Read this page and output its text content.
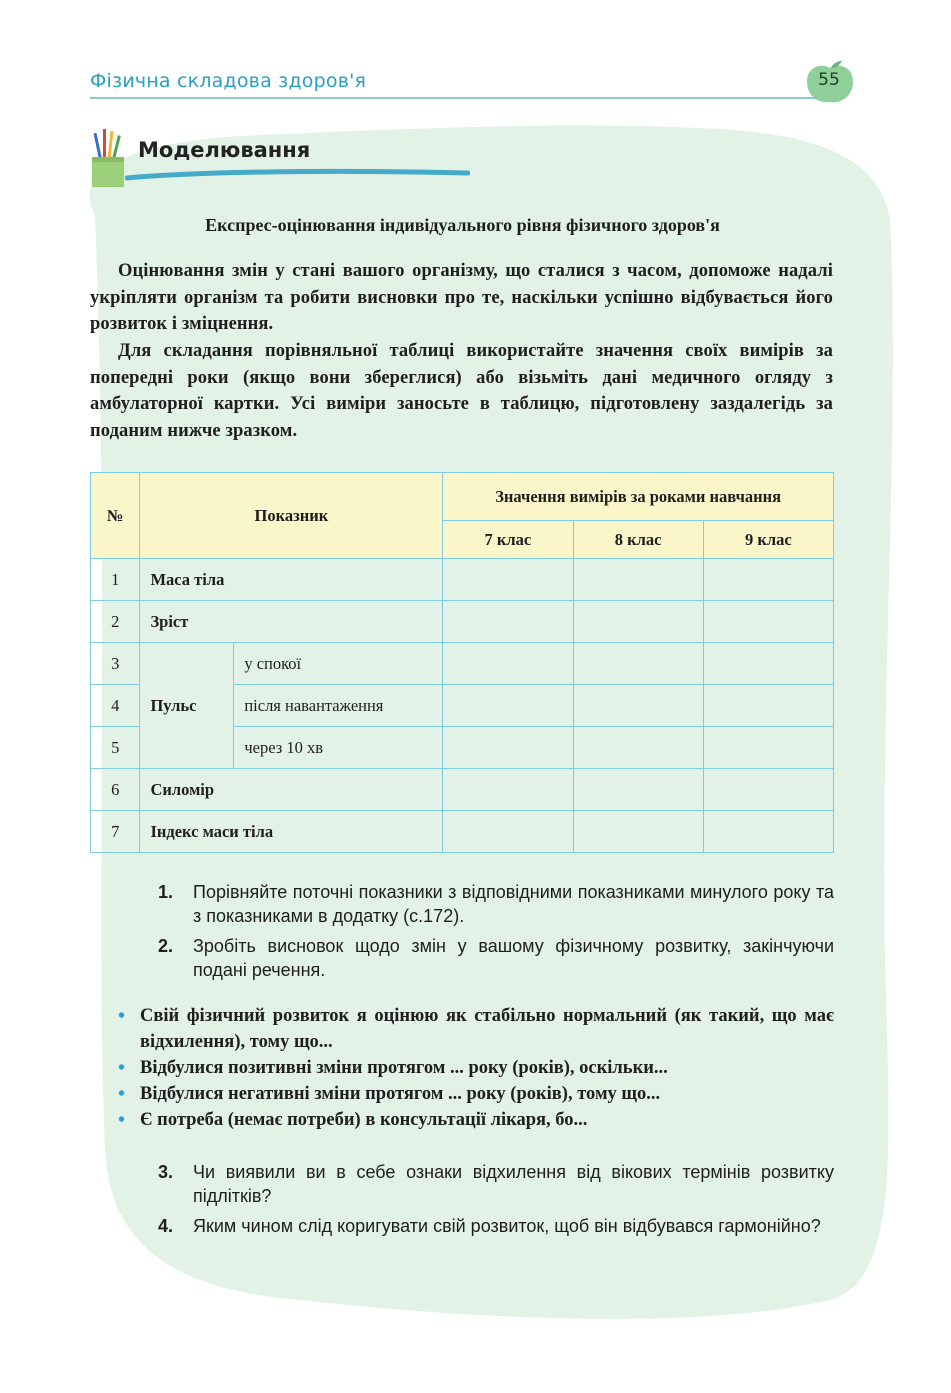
Фізична складова здоров'я	55
Моделювання
Експрес-оцінювання індивідуального рівня фізичного здоров'я
Оцінювання змін у стані вашого організму, що сталися з часом, допоможе надалі укріпляти організм та робити висновки про те, наскільки успішно відбувається його розвиток і зміцнення.
Для складання порівняльної таблиці використайте значення своїх вимірів за попередні роки (якщо вони збереглися) або візьміть дані медичного огляду з амбулаторної картки. Усі виміри заносьте в таблицю, підготовлену заздалегідь за поданим нижче зразком.
№	Показник		Значення вимірів за роками навчання		
			7 клас	8 клас	9 клас
1	Маса тіла				
2	Зріст				
3	Пульс	у спокої			
4		після навантаження			
5		через 10 хв			
6	Силомір				
7	Індекс маси тіла				
1.	Порівняйте поточні показники з відповідними показниками минулого року та з показниками в додатку (с.172).
2.	Зробіть висновок щодо змін у вашому фізичному розвитку, закінчуючи подані речення.
• Свій фізичний розвиток я оцінюю як стабільно нормальний (як такий, що має відхилення), тому що...
• Відбулися позитивні зміни протягом ... року (років), оскільки...
• Відбулися негативні зміни протягом ... року (років), тому що...
• Є потреба (немає потреби) в консультації лікаря, бо...
3.	Чи виявили ви в себе ознаки відхилення від вікових термінів розвитку підлітків?
4.	Яким чином слід коригувати свій розвиток, щоб він відбувався гармонійно?
